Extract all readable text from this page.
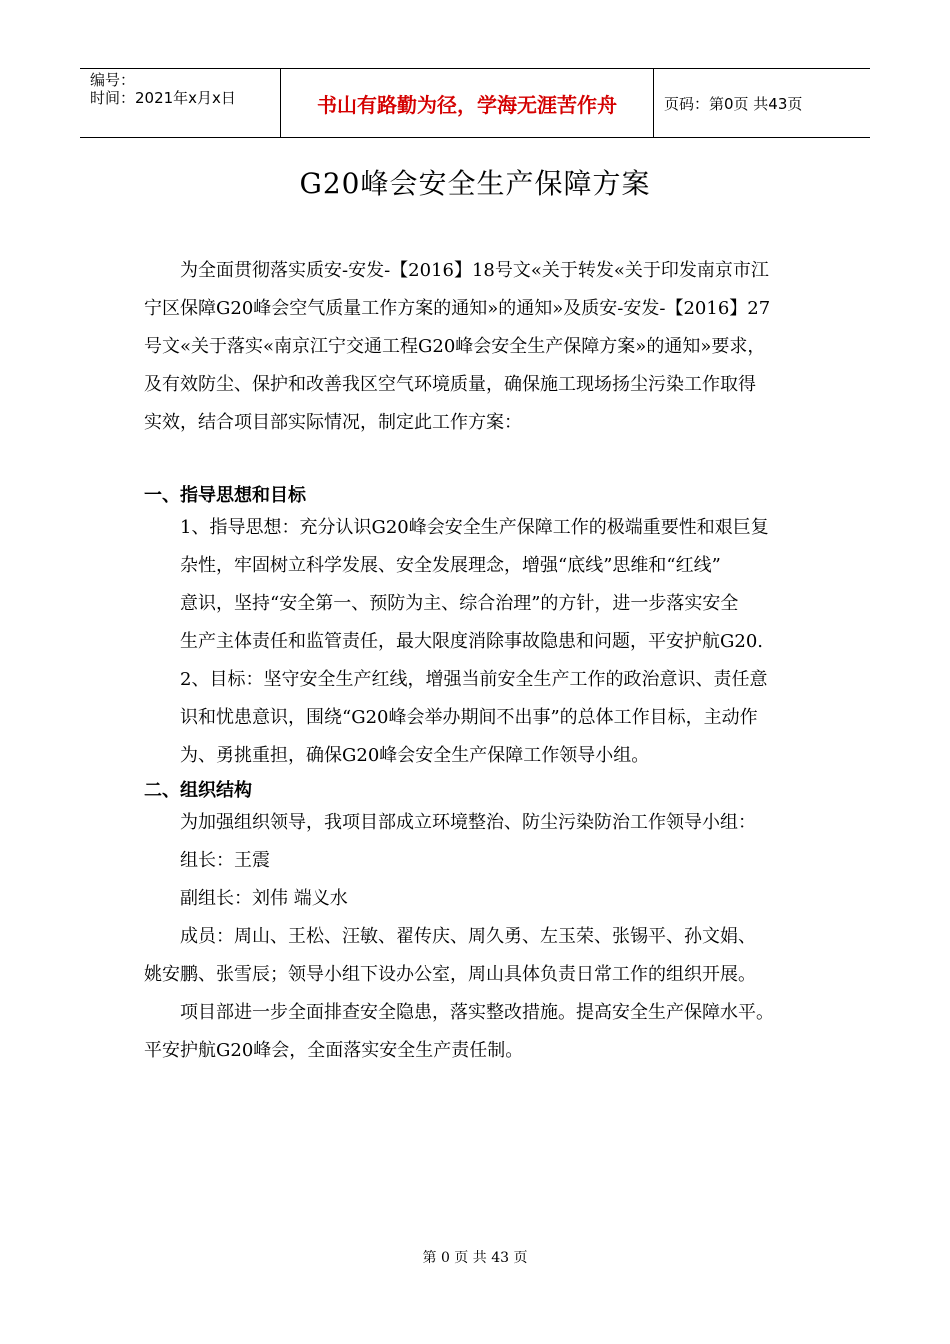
编号：
时间：2021年x月x日	书山有路勤为径，学海无涯苦作舟	页码：第0页 共43页
G20峰会安全生产保障方案
为全面贯彻落实质安-安发-【2016】18号文«关于转发«关于印发南京市江
宁区保障G20峰会空气质量工作方案的通知»的通知»及质安-安发-【2016】27
号文«关于落实«南京江宁交通工程G20峰会安全生产保障方案»的通知»要求，
及有效防尘、保护和改善我区空气环境质量，确保施工现场扬尘污染工作取得
实效，结合项目部实际情况，制定此工作方案：
一、指导思想和目标
1、指导思想：充分认识G20峰会安全生产保障工作的极端重要性和艰巨复
杂性，牢固树立科学发展、安全发展理念，增强“底线”思维和“红线”
意识，坚持“安全第一、预防为主、综合治理”的方针，进一步落实安全
生产主体责任和监管责任，最大限度消除事故隐患和问题，平安护航G20.
2、目标：坚守安全生产红线，增强当前安全生产工作的政治意识、责任意
识和忧患意识，围绕“G20峰会举办期间不出事”的总体工作目标，主动作
为、勇挑重担，确保G20峰会安全生产保障工作领导小组。
二、组织结构
为加强组织领导，我项目部成立环境整治、防尘污染防治工作领导小组：
组长：王震
副组长：刘伟 端义水
成员：周山、王松、汪敏、翟传庆、周久勇、左玉荣、张锡平、孙文娟、
姚安鹏、张雪辰；领导小组下设办公室，周山具体负责日常工作的组织开展。
项目部进一步全面排查安全隐患，落实整改措施。提高安全生产保障水平。
平安护航G20峰会，全面落实安全生产责任制。
第 0 页 共 43 页
